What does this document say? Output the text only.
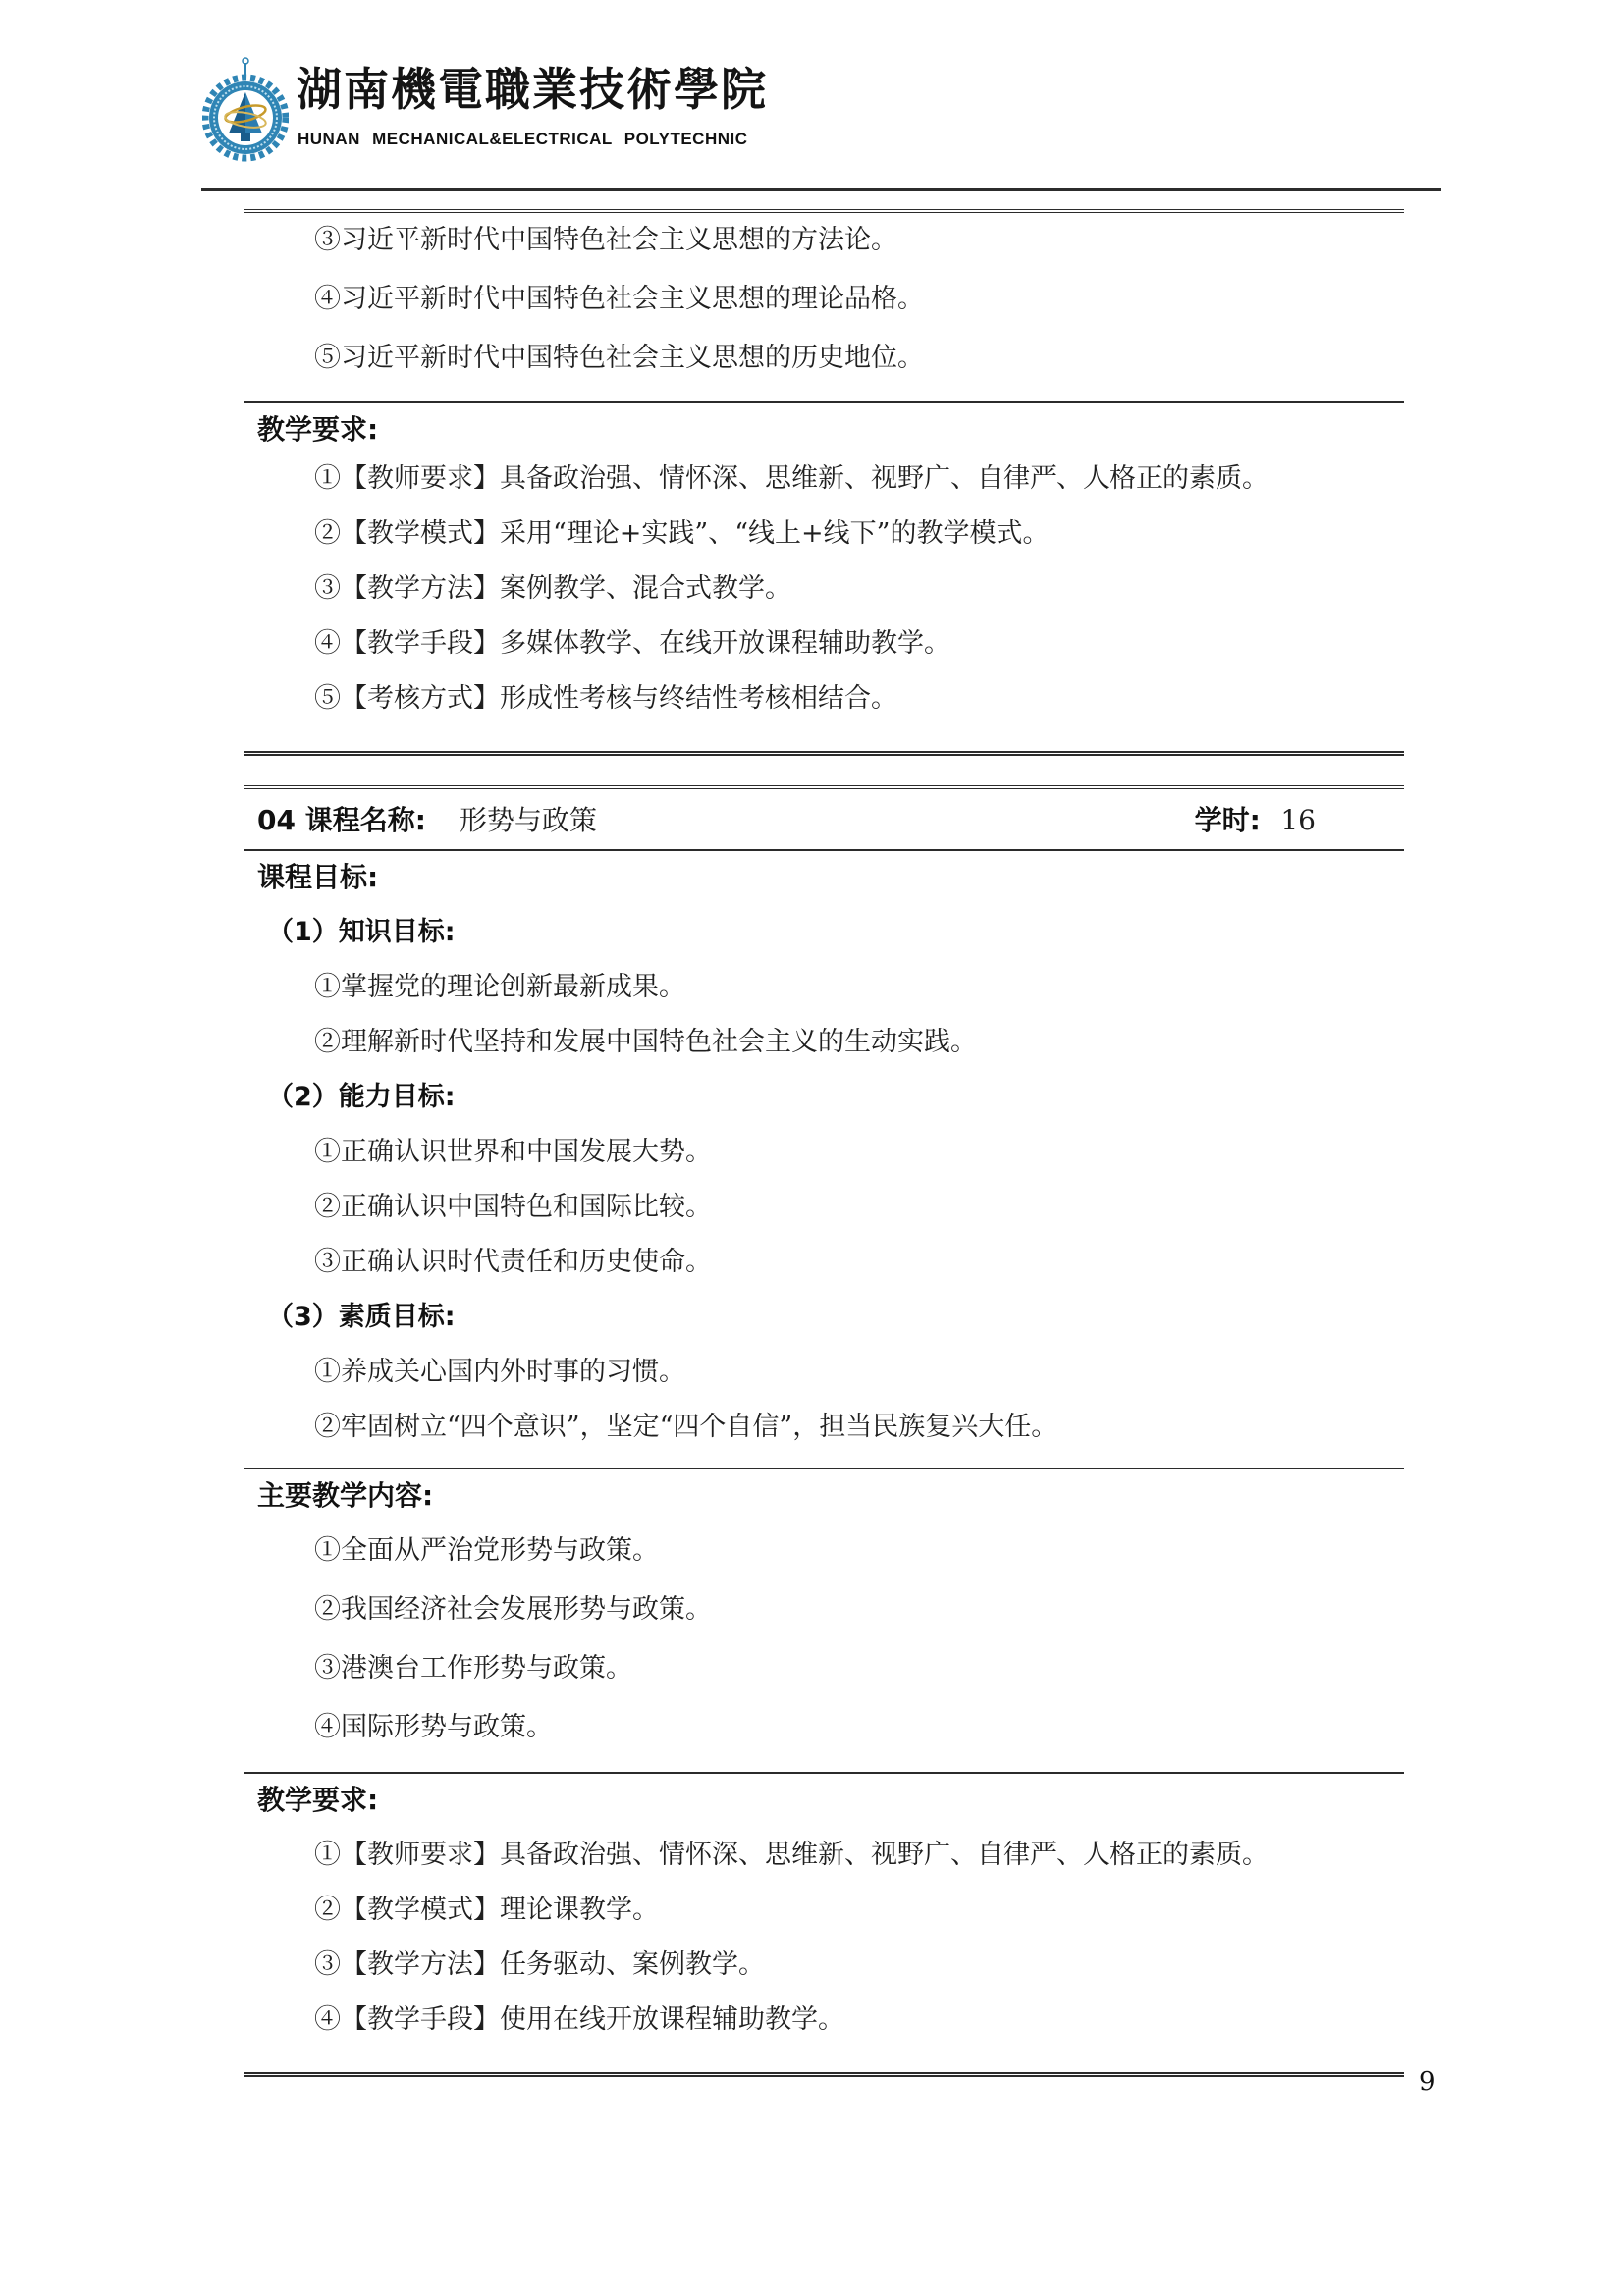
湖南機電職業技術學院
HUNAN MECHANICAL&ELECTRICAL POLYTECHNIC
③习近平新时代中国特色社会主义思想的方法论。
④习近平新时代中国特色社会主义思想的理论品格。
⑤习近平新时代中国特色社会主义思想的历史地位。
教学要求:
①【教师要求】具备政治强、情怀深、思维新、视野广、自律严、人格正的素质。
②【教学模式】采用“理论+实践”、“线上+线下”的教学模式。
③【教学方法】案例教学、混合式教学。
④【教学手段】多媒体教学、在线开放课程辅助教学。
⑤【考核方式】形成性考核与终结性考核相结合。
04 课程名称: 形势与政策	学时: 16
课程目标:
（1）知识目标:
①掌握党的理论创新最新成果。
②理解新时代坚持和发展中国特色社会主义的生动实践。
（2）能力目标:
①正确认识世界和中国发展大势。
②正确认识中国特色和国际比较。
③正确认识时代责任和历史使命。
（3）素质目标:
①养成关心国内外时事的习惯。
②牢固树立“四个意识”，坚定“四个自信”，担当民族复兴大任。
主要教学内容:
①全面从严治党形势与政策。
②我国经济社会发展形势与政策。
③港澳台工作形势与政策。
④国际形势与政策。
教学要求:
①【教师要求】具备政治强、情怀深、思维新、视野广、自律严、人格正的素质。
②【教学模式】理论课教学。
③【教学方法】任务驱动、案例教学。
④【教学手段】使用在线开放课程辅助教学。
9
